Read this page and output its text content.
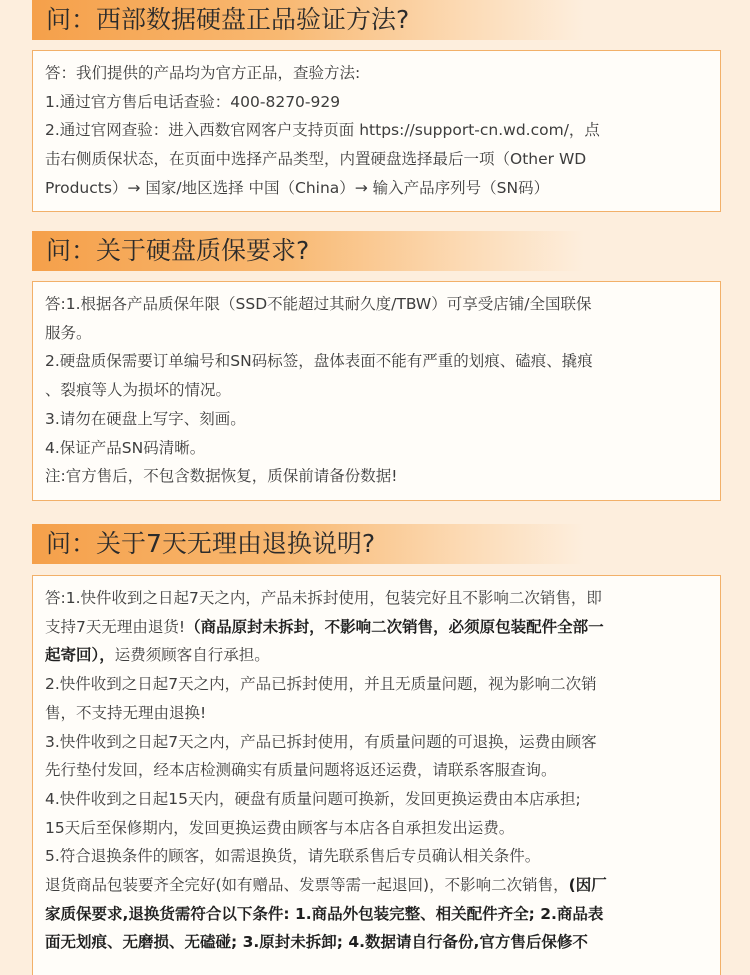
问：西部数据硬盘正品验证方法?

答：我们提供的产品均为官方正品，查验方法:

1.通过官方售后电话查验：400-8270-929

2.通过官网查验：进入西数官网客户支持页面 https://support-cn.wd.com/，点

击右侧质保状态，在页面中选择产品类型，内置硬盘选择最后一项（Other WD

Products）→ 国家/地区选择 中国（China）→ 输入产品序列号（SN码）

问：关于硬盘质保要求?

答:1.根据各产品质保年限（SSD不能超过其耐久度/TBW）可享受店铺/全国联保

服务。

2.硬盘质保需要订单编号和SN码标签，盘体表面不能有严重的划痕、磕痕、撬痕

、裂痕等人为损坏的情况。

3.请勿在硬盘上写字、刻画。

4.保证产品SN码清晰。

注:官方售后，不包含数据恢复，质保前请备份数据!

问：关于7天无理由退换说明?

答:1.快件收到之日起7天之内，产品未拆封使用，包装完好且不影响二次销售，即

支持7天无理由退货!（商品原封未拆封，不影响二次销售，必须原包装配件全部一

起寄回），运费须顾客自行承担。

2.快件收到之日起7天之内，产品已拆封使用，并且无质量问题，视为影响二次销

售，不支持无理由退换!

3.快件收到之日起7天之内，产品已拆封使用，有质量问题的可退换，运费由顾客

先行垫付发回，经本店检测确实有质量问题将返还运费，请联系客服查询。

4.快件收到之日起15天内，硬盘有质量问题可换新，发回更换运费由本店承担;

15天后至保修期内，发回更换运费由顾客与本店各自承担发出运费。

5.符合退换条件的顾客，如需退换货，请先联系售后专员确认相关条件。

退货商品包装要齐全完好(如有赠品、发票等需一起退回)，不影响二次销售，(因厂

家质保要求,退换货需符合以下条件: 1.商品外包装完整、相关配件齐全; 2.商品表

面无划痕、无磨损、无磕碰; 3.原封未拆卸; 4.数据请自行备份,官方售后保修不
